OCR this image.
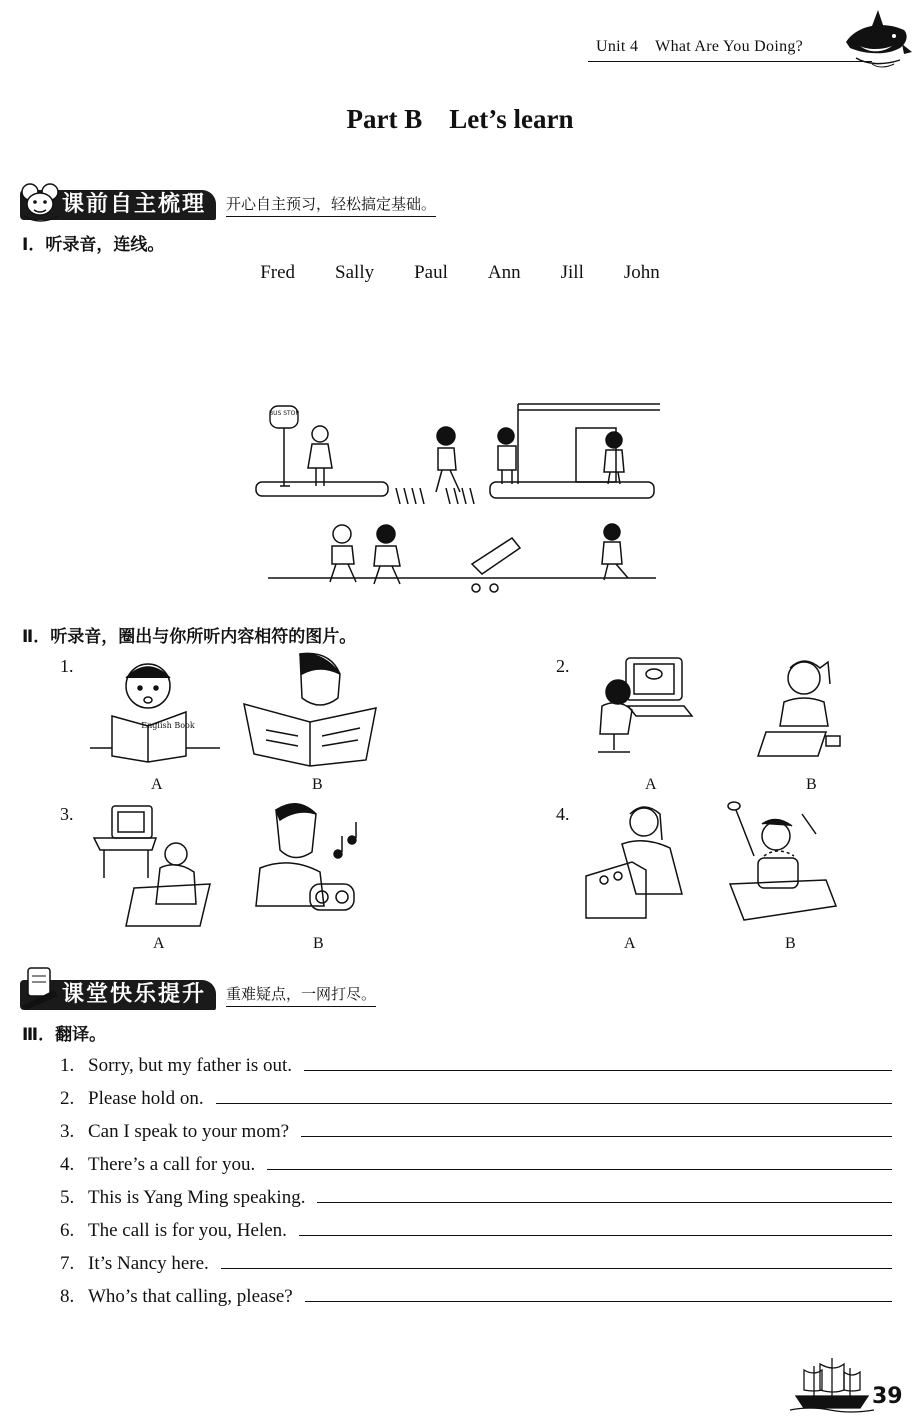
Unit 4 What Are You Doing?
Part B    Let’s learn
课前自主梳理	开心自主预习，轻松搞定基础。
Ⅰ．听录音，连线。
Fred Sally Paul Ann Jill John
BUS STOP
Ⅱ．听录音，圈出与你所听内容相符的图片。
1.
English Book
A	B
2.
A	B
3.
A	B
4.
A	B
课堂快乐提升	重难疑点，一网打尽。
Ⅲ．翻译。
1. Sorry, but my father is out.
2. Please hold on.
3. Can I speak to your mom?
4. There’s a call for you.
5. This is Yang Ming speaking.
6. The call is for you, Helen.
7. It’s Nancy here.
8. Who’s that calling, please?
39
